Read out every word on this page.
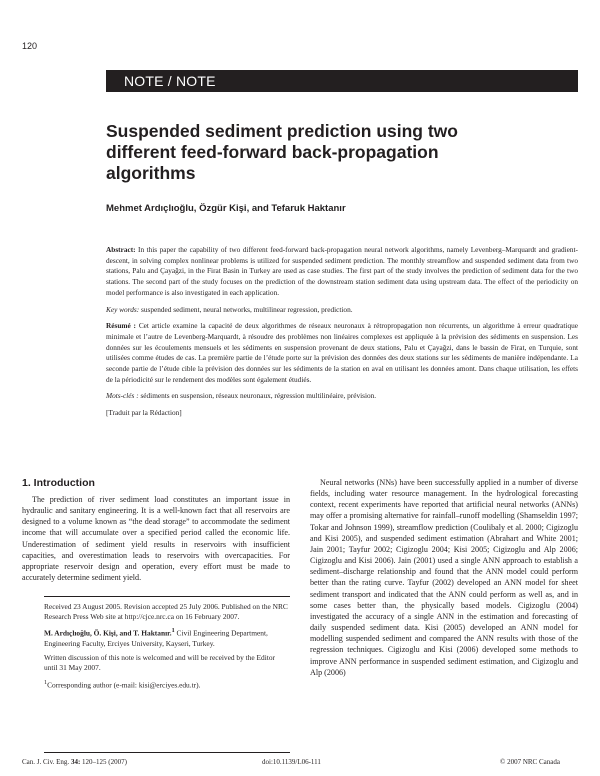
120
NOTE / NOTE
Suspended sediment prediction using two different feed-forward back-propagation algorithms
Mehmet Ardıçlıoğlu, Özgür Kişi, and Tefaruk Haktanır

Abstract: In this paper the capability of two different feed-forward back-propagation neural network algorithms, namely Levenberg–Marquardt and gradient-descent, in solving complex nonlinear problems is utilized for suspended sediment prediction. The monthly streamflow and suspended sediment data from two stations, Palu and Çayağzi, in the Firat Basin in Turkey are used as case studies. The first part of the study involves the prediction of sediment data for the two stations. The second part of the study focuses on the prediction of the downstream station sediment data using upstream data. The effect of the periodicity on model performance is also investigated in each application.

Key words: suspended sediment, neural networks, multilinear regression, prediction.

Résumé : Cet article examine la capacité de deux algorithmes de réseaux neuronaux à rétropropagation non récurrents, un algorithme à erreur quadratique minimale et l’autre de Levenberg-Marquardt, à résoudre des problèmes non linéaires complexes est appliquée à la prévision des sédiments en suspension. Les données sur les écoulements mensuels et les sédiments en suspension provenant de deux stations, Palu et Çayağzi, dans le bassin de Firat, en Turquie, sont utilisées comme études de cas. La première partie de l’étude porte sur la prévision des données des deux stations sur les sédiments de manière indépendante. La seconde partie de l’étude cible la prévision des données sur les sédiments de la station en aval en utilisant les données amont. Dans chaque utilisation, les effets de la périodicité sur le rendement des modèles sont également étudiés.

Mots-clés : sédiments en suspension, réseaux neuronaux, régression multilinéaire, prévision.

[Traduit par la Rédaction]

1. Introduction

The prediction of river sediment load constitutes an important issue in hydraulic and sanitary engineering. It is a well-known fact that all reservoirs are designed to a volume known as “the dead storage” to accommodate the sediment income that will accumulate over a specified period called the economic life. Underestimation of sediment yield results in reservoirs with insufficient capacities, and overestimation leads to reservoirs with overcapacities. For appropriate reservoir design and operation, every effort must be made to accurately determine sediment yield.

Neural networks (NNs) have been successfully applied in a number of diverse fields, including water resource management. In the hydrological forecasting context, recent experiments have reported that artificial neural networks (ANNs) may offer a promising alternative for rainfall–runoff modelling (Shamseldin 1997; Tokar and Johnson 1999), streamflow prediction (Coulibaly et al. 2000; Cigizoglu and Kisi 2005), and suspended sediment estimation (Abrahart and White 2001; Jain 2001; Tayfur 2002; Cigizoglu 2004; Kisi 2005; Cigizoglu and Alp 2006; Cigizoglu and Kisi 2006). Jain (2001) used a single ANN approach to establish a sediment–discharge relationship and found that the ANN model could perform better than the rating curve. Tayfur (2002) developed an ANN model for sheet sediment transport and indicated that the ANN could perform as well as, and in some cases better than, the physically based models. Cigizoglu (2004) investigated the accuracy of a single ANN in the estimation and forecasting of daily suspended sediment data. Kisi (2005) developed an ANN model for modelling suspended sediment and compared the ANN results with those of the regression techniques. Cigizoglu and Kisi (2006) developed some methods to improve ANN performance in suspended sediment estimation, and Cigizoglu and Alp (2006)

Received 23 August 2005. Revision accepted 25 July 2006. Published on the NRC Research Press Web site at http://cjce.nrc.ca on 16 February 2007.

M. Ardıçlıoğlu, Ö. Kişi, and T. Haktanır.$^1$ Civil Engineering Department, Engineering Faculty, Erciyes University, Kayseri, Turkey.

Written discussion of this note is welcomed and will be received by the Editor until 31 May 2007.

$^1$Corresponding author (e-mail: kisi@erciyes.edu.tr).

Can. J. Civ. Eng. 34: 120–125 (2007)	doi:10.1139/L06-111	© 2007 NRC Canada
